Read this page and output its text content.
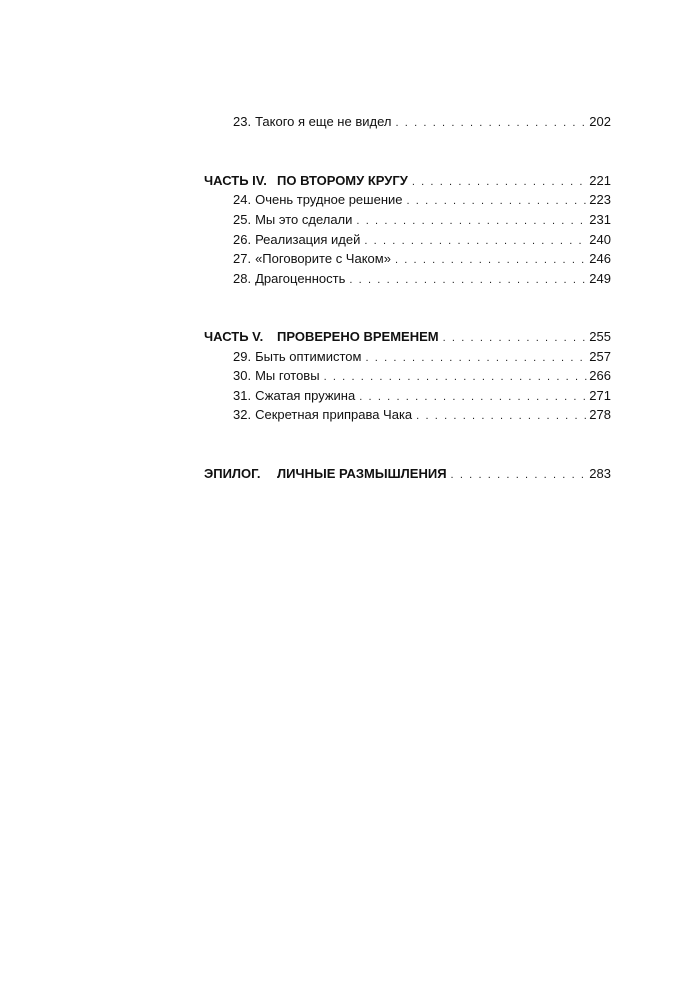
23. Такого я еще не видел . . .	202
ЧАСТЬ IV. ПО ВТОРОМУ КРУГУ . . .	221
24. Очень трудное решение . . .	223
25. Мы это сделали . . .	231
26. Реализация идей . . .	240
27. «Поговорите с Чаком» . . .	246
28. Драгоценность . . .	249
ЧАСТЬ V.	ПРОВЕРЕНО ВРЕМЕНЕМ . . .	255
29. Быть оптимистом . . .	257
30. Мы готовы . . .	266
31. Сжатая пружина . . .	271
32. Секретная приправа Чака . . .	278
ЭПИЛОГ.	ЛИЧНЫЕ РАЗМЫШЛЕНИЯ . . .	283
